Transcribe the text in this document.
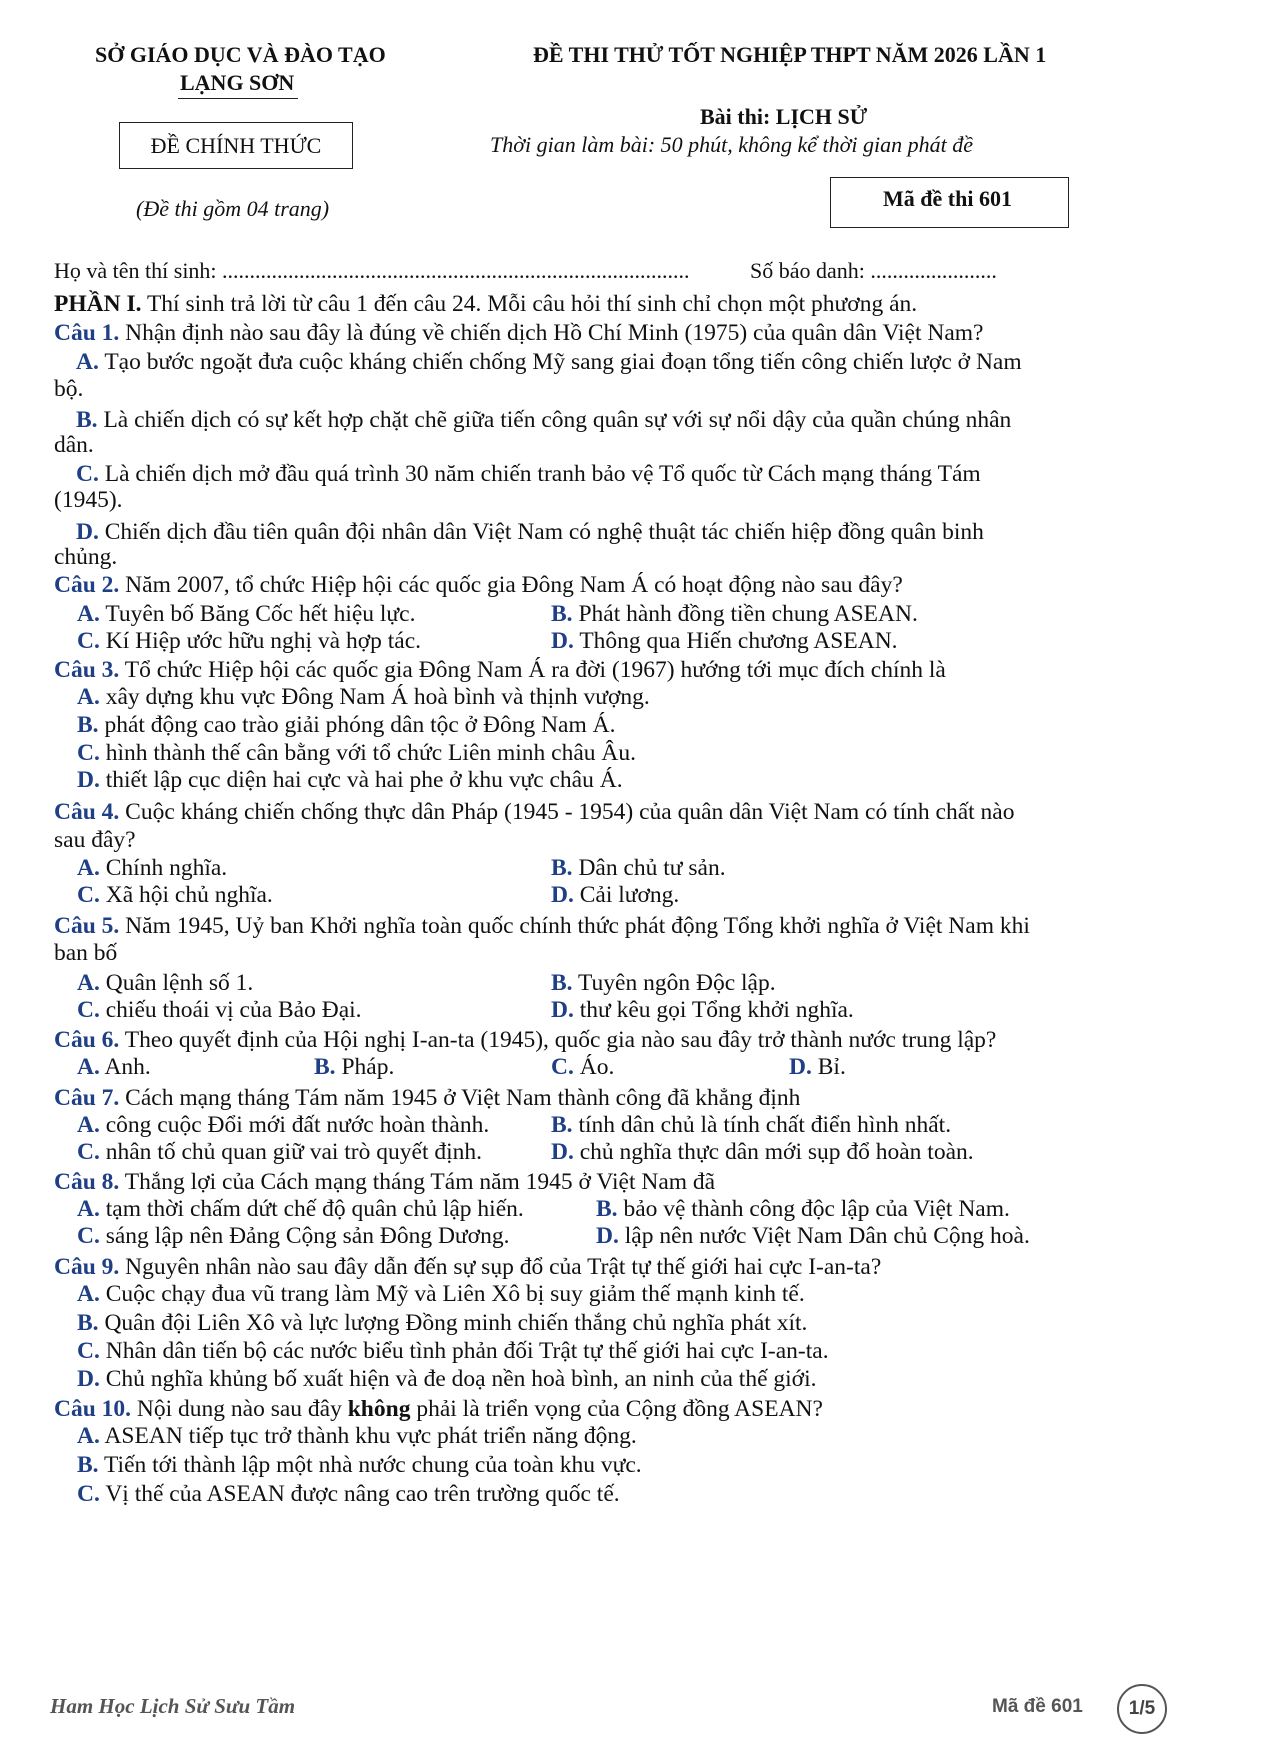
SỞ GIÁO DỤC VÀ ĐÀO TẠO
LẠNG SƠN
ĐỀ THI THỬ TỐT NGHIỆP THPT NĂM 2026 LẦN 1
Bài thi: LỊCH SỬ
Thời gian làm bài: 50 phút, không kể thời gian phát đề
ĐỀ CHÍNH THỨC
(Đề thi gồm 04 trang)	Mã đề thi 601
Họ và tên thí sinh: .....................................................................................	Số báo danh: .......................
PHẦN I. Thí sinh trả lời từ câu 1 đến câu 24. Mỗi câu hỏi thí sinh chỉ chọn một phương án.
Câu 1. Nhận định nào sau đây là đúng về chiến dịch Hồ Chí Minh (1975) của quân dân Việt Nam?
A. Tạo bước ngoặt đưa cuộc kháng chiến chống Mỹ sang giai đoạn tổng tiến công chiến lược ở Nam
bộ.
B. Là chiến dịch có sự kết hợp chặt chẽ giữa tiến công quân sự với sự nổi dậy của quần chúng nhân
dân.
C. Là chiến dịch mở đầu quá trình 30 năm chiến tranh bảo vệ Tổ quốc từ Cách mạng tháng Tám
(1945).
D. Chiến dịch đầu tiên quân đội nhân dân Việt Nam có nghệ thuật tác chiến hiệp đồng quân binh
chủng.
Câu 2. Năm 2007, tổ chức Hiệp hội các quốc gia Đông Nam Á có hoạt động nào sau đây?
A. Tuyên bố Băng Cốc hết hiệu lực.	B. Phát hành đồng tiền chung ASEAN.
C. Kí Hiệp ước hữu nghị và hợp tác.	D. Thông qua Hiến chương ASEAN.
Câu 3. Tổ chức Hiệp hội các quốc gia Đông Nam Á ra đời (1967) hướng tới mục đích chính là
A. xây dựng khu vực Đông Nam Á hoà bình và thịnh vượng.
B. phát động cao trào giải phóng dân tộc ở Đông Nam Á.
C. hình thành thế cân bằng với tổ chức Liên minh châu Âu.
D. thiết lập cục diện hai cực và hai phe ở khu vực châu Á.
Câu 4. Cuộc kháng chiến chống thực dân Pháp (1945 - 1954) của quân dân Việt Nam có tính chất nào
sau đây?
A. Chính nghĩa.	B. Dân chủ tư sản.
C. Xã hội chủ nghĩa.	D. Cải lương.
Câu 5. Năm 1945, Uỷ ban Khởi nghĩa toàn quốc chính thức phát động Tổng khởi nghĩa ở Việt Nam khi
ban bố
A. Quân lệnh số 1.	B. Tuyên ngôn Độc lập.
C. chiếu thoái vị của Bảo Đại.	D. thư kêu gọi Tổng khởi nghĩa.
Câu 6. Theo quyết định của Hội nghị I-an-ta (1945), quốc gia nào sau đây trở thành nước trung lập?
A. Anh.	B. Pháp.	C. Áo.	D. Bỉ.
Câu 7. Cách mạng tháng Tám năm 1945 ở Việt Nam thành công đã khẳng định
A. công cuộc Đổi mới đất nước hoàn thành.	B. tính dân chủ là tính chất điển hình nhất.
C. nhân tố chủ quan giữ vai trò quyết định.	D. chủ nghĩa thực dân mới sụp đổ hoàn toàn.
Câu 8. Thắng lợi của Cách mạng tháng Tám năm 1945 ở Việt Nam đã
A. tạm thời chấm dứt chế độ quân chủ lập hiến.	B. bảo vệ thành công độc lập của Việt Nam.
C. sáng lập nên Đảng Cộng sản Đông Dương.	D. lập nên nước Việt Nam Dân chủ Cộng hoà.
Câu 9. Nguyên nhân nào sau đây dẫn đến sự sụp đổ của Trật tự thế giới hai cực I-an-ta?
A. Cuộc chạy đua vũ trang làm Mỹ và Liên Xô bị suy giảm thế mạnh kinh tế.
B. Quân đội Liên Xô và lực lượng Đồng minh chiến thắng chủ nghĩa phát xít.
C. Nhân dân tiến bộ các nước biểu tình phản đối Trật tự thế giới hai cực I-an-ta.
D. Chủ nghĩa khủng bố xuất hiện và đe doạ nền hoà bình, an ninh của thế giới.
Câu 10. Nội dung nào sau đây không phải là triển vọng của Cộng đồng ASEAN?
A. ASEAN tiếp tục trở thành khu vực phát triển năng động.
B. Tiến tới thành lập một nhà nước chung của toàn khu vực.
C. Vị thế của ASEAN được nâng cao trên trường quốc tế.
Ham Học Lịch Sử Sưu Tầm	Mã đề 601	1/5
